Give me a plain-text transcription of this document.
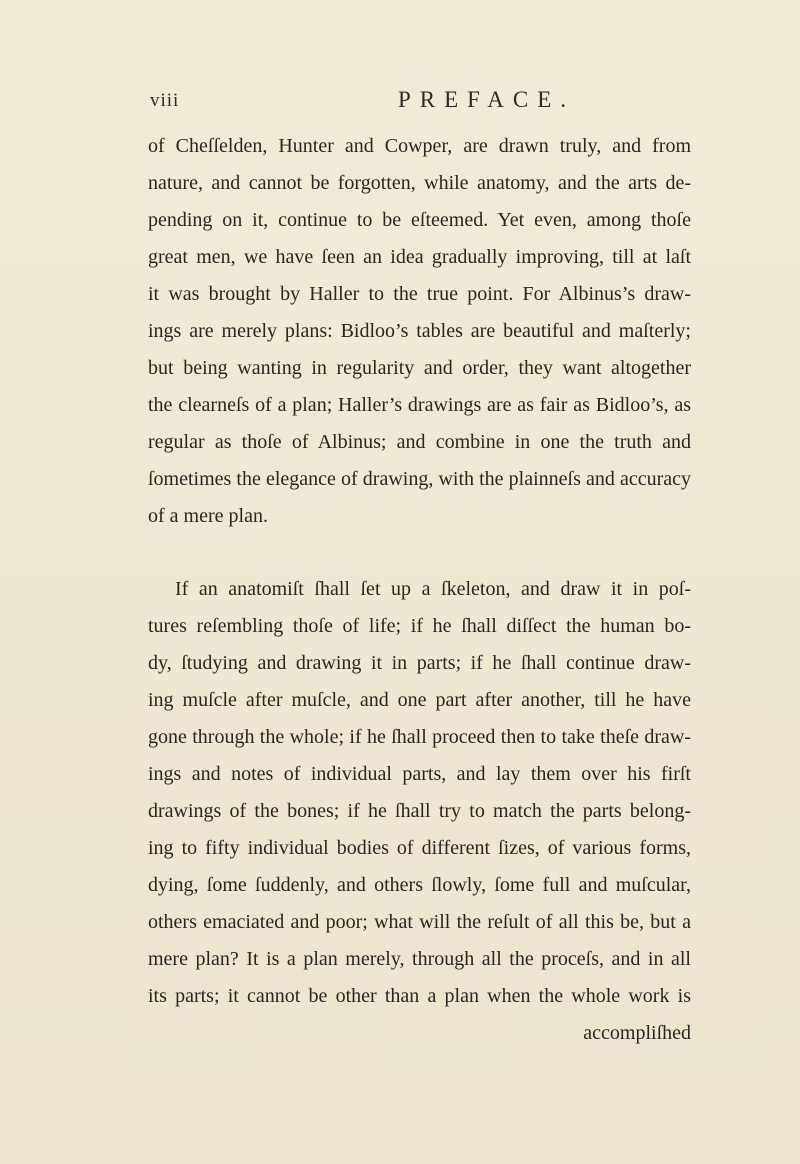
viii	PREFACE.
of Cheſſelden, Hunter and Cowper, are drawn truly, and from
nature, and cannot be forgotten, while anatomy, and the arts de-
pending on it, continue to be eſteemed. Yet even, among thoſe
great men, we have ſeen an idea gradually improving, till at laſt
it was brought by Haller to the true point. For Albinus’s draw-
ings are merely plans: Bidloo’s tables are beautiful and maſterly;
but being wanting in regularity and order, they want altogether
the clearneſs of a plan; Haller’s drawings are as fair as Bidloo’s, as
regular as thoſe of Albinus; and combine in one the truth and
ſometimes the elegance of drawing, with the plainneſs and accuracy
of a mere plan.
If an anatomiſt ſhall ſet up a ſkeleton, and draw it in poſ-
tures reſembling thoſe of life; if he ſhall diſſect the human bo-
dy, ſtudying and drawing it in parts; if he ſhall continue draw-
ing muſcle after muſcle, and one part after another, till he have
gone through the whole; if he ſhall proceed then to take theſe draw-
ings and notes of individual parts, and lay them over his firſt
drawings of the bones; if he ſhall try to match the parts belong-
ing to fifty individual bodies of different ſizes, of various forms,
dying, ſome ſuddenly, and others ſlowly, ſome full and muſcular,
others emaciated and poor; what will the reſult of all this be, but a
mere plan? It is a plan merely, through all the proceſs, and in all
its parts; it cannot be other than a plan when the whole work is
accompliſhed
